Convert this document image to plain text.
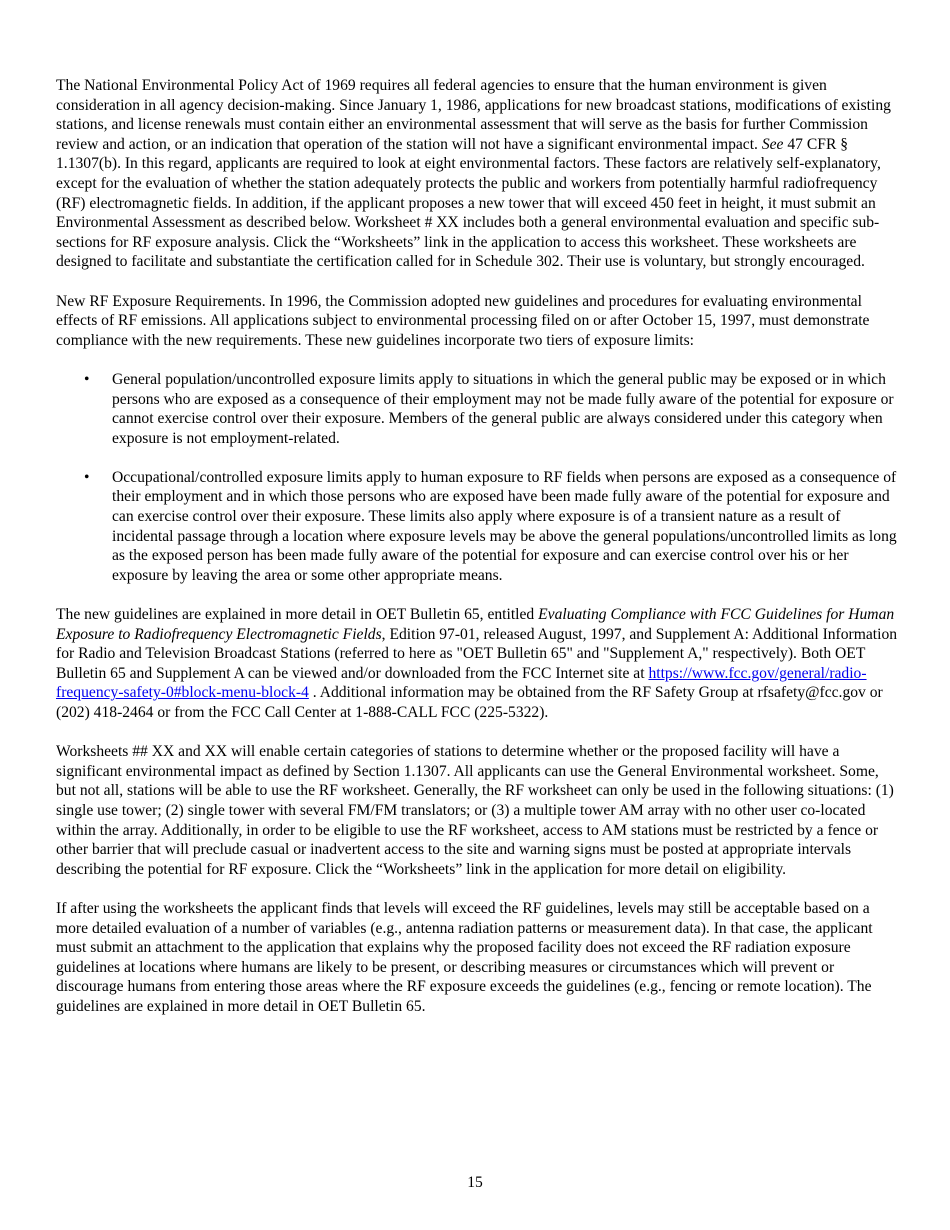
The National Environmental Policy Act of 1969 requires all federal agencies to ensure that the human environment is given consideration in all agency decision-making. Since January 1, 1986, applications for new broadcast stations, modifications of existing stations, and license renewals must contain either an environmental assessment that will serve as the basis for further Commission review and action, or an indication that operation of the station will not have a significant environmental impact. See 47 CFR § 1.1307(b). In this regard, applicants are required to look at eight environmental factors. These factors are relatively self-explanatory, except for the evaluation of whether the station adequately protects the public and workers from potentially harmful radiofrequency (RF) electromagnetic fields. In addition, if the applicant proposes a new tower that will exceed 450 feet in height, it must submit an Environmental Assessment as described below. Worksheet # XX includes both a general environmental evaluation and specific sub-sections for RF exposure analysis. Click the “Worksheets” link in the application to access this worksheet. These worksheets are designed to facilitate and substantiate the certification called for in Schedule 302. Their use is voluntary, but strongly encouraged.

New RF Exposure Requirements. In 1996, the Commission adopted new guidelines and procedures for evaluating environmental effects of RF emissions. All applications subject to environmental processing filed on or after October 15, 1997, must demonstrate compliance with the new requirements. These new guidelines incorporate two tiers of exposure limits:

• General population/uncontrolled exposure limits apply to situations in which the general public may be exposed or in which persons who are exposed as a consequence of their employment may not be made fully aware of the potential for exposure or cannot exercise control over their exposure. Members of the general public are always considered under this category when exposure is not employment-related.
• Occupational/controlled exposure limits apply to human exposure to RF fields when persons are exposed as a consequence of their employment and in which those persons who are exposed have been made fully aware of the potential for exposure and can exercise control over their exposure. These limits also apply where exposure is of a transient nature as a result of incidental passage through a location where exposure levels may be above the general populations/uncontrolled limits as long as the exposed person has been made fully aware of the potential for exposure and can exercise control over his or her exposure by leaving the area or some other appropriate means.

The new guidelines are explained in more detail in OET Bulletin 65, entitled Evaluating Compliance with FCC Guidelines for Human Exposure to Radiofrequency Electromagnetic Fields, Edition 97-01, released August, 1997, and Supplement A: Additional Information for Radio and Television Broadcast Stations (referred to here as "OET Bulletin 65" and "Supplement A," respectively). Both OET Bulletin 65 and Supplement A can be viewed and/or downloaded from the FCC Internet site at https://www.fcc.gov/general/radio-frequency-safety-0#block-menu-block-4 . Additional information may be obtained from the RF Safety Group at rfsafety@fcc.gov or (202) 418-2464 or from the FCC Call Center at 1-888-CALL FCC (225-5322).

Worksheets ## XX and XX will enable certain categories of stations to determine whether or the proposed facility will have a significant environmental impact as defined by Section 1.1307. All applicants can use the General Environmental worksheet. Some, but not all, stations will be able to use the RF worksheet. Generally, the RF worksheet can only be used in the following situations: (1) single use tower; (2) single tower with several FM/FM translators; or (3) a multiple tower AM array with no other user co-located within the array. Additionally, in order to be eligible to use the RF worksheet, access to AM stations must be restricted by a fence or other barrier that will preclude casual or inadvertent access to the site and warning signs must be posted at appropriate intervals describing the potential for RF exposure. Click the “Worksheets” link in the application for more detail on eligibility.

If after using the worksheets the applicant finds that levels will exceed the RF guidelines, levels may still be acceptable based on a more detailed evaluation of a number of variables (e.g., antenna radiation patterns or measurement data). In that case, the applicant must submit an attachment to the application that explains why the proposed facility does not exceed the RF radiation exposure guidelines at locations where humans are likely to be present, or describing measures or circumstances which will prevent or discourage humans from entering those areas where the RF exposure exceeds the guidelines (e.g., fencing or remote location). The guidelines are explained in more detail in OET Bulletin 65.

15
